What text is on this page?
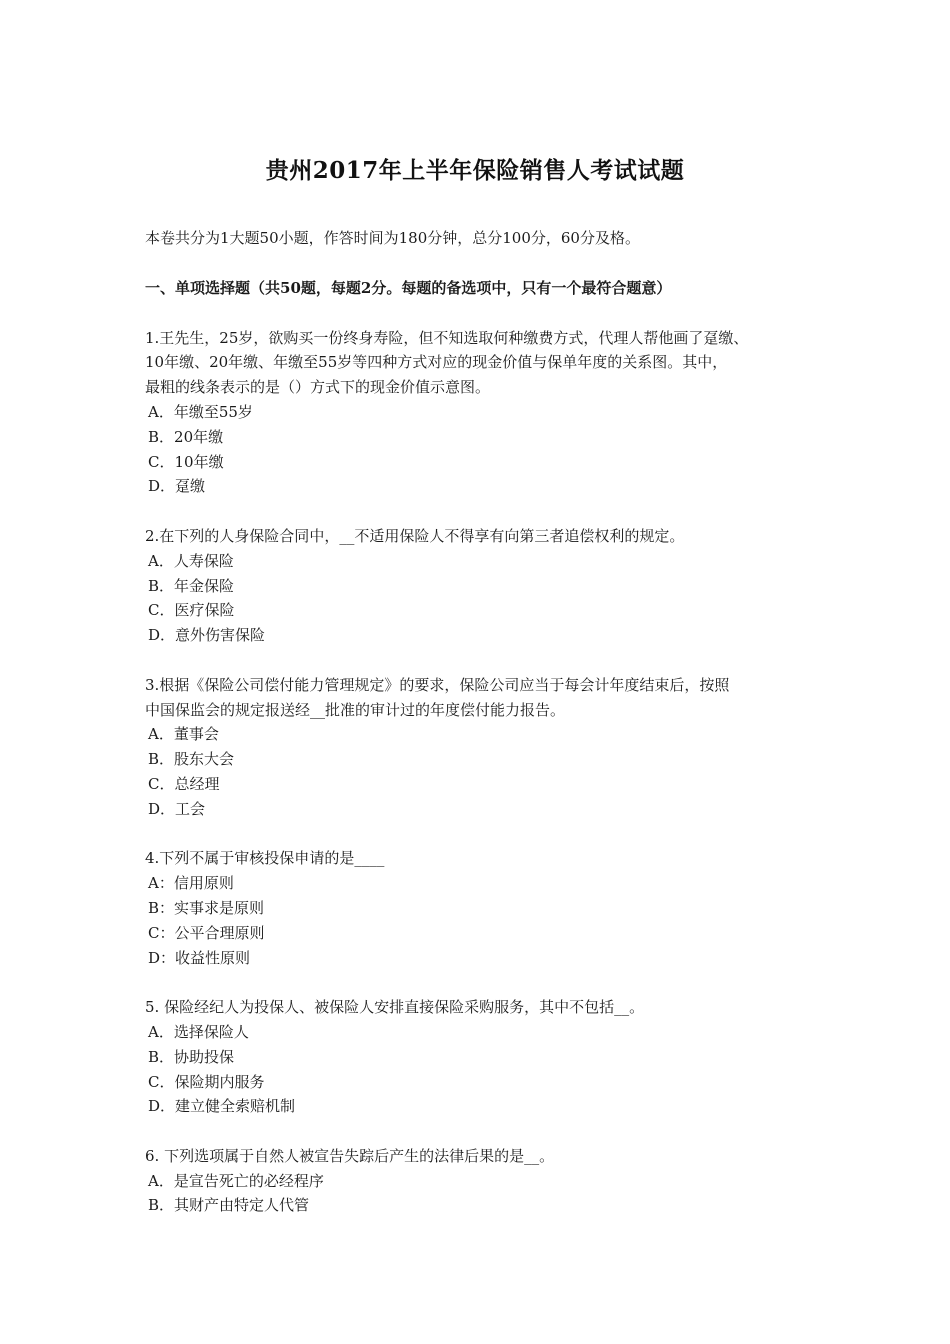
贵州2017年上半年保险销售人考试试题

本卷共分为1大题50小题，作答时间为180分钟，总分100分，60分及格。

一、单项选择题（共50题，每题2分。每题的备选项中，只有一个最符合题意）

1.王先生，25岁，欲购买一份终身寿险，但不知选取何种缴费方式，代理人帮他画了趸缴、
10年缴、20年缴、年缴至55岁等四种方式对应的现金价值与保单年度的关系图。其中，
最粗的线条表示的是（）方式下的现金价值示意图。
A．年缴至55岁
B．20年缴
C．10年缴
D．趸缴
2.在下列的人身保险合同中，__不适用保险人不得享有向第三者追偿权利的规定。
A．人寿保险
B．年金保险
C．医疗保险
D．意外伤害保险
3.根据《保险公司偿付能力管理规定》的要求，保险公司应当于每会计年度结束后，按照
中国保监会的规定报送经__批准的审计过的年度偿付能力报告。
A．董事会
B．股东大会
C．总经理
D．工会
4.下列不属于审核投保申请的是____
A：信用原则
B：实事求是原则
C：公平合理原则
D：收益性原则
5. 保险经纪人为投保人、被保险人安排直接保险采购服务，其中不包括__。
A．选择保险人
B．协助投保
C．保险期内服务
D．建立健全索赔机制
6. 下列选项属于自然人被宣告失踪后产生的法律后果的是__。
A．是宣告死亡的必经程序
B．其财产由特定人代管
